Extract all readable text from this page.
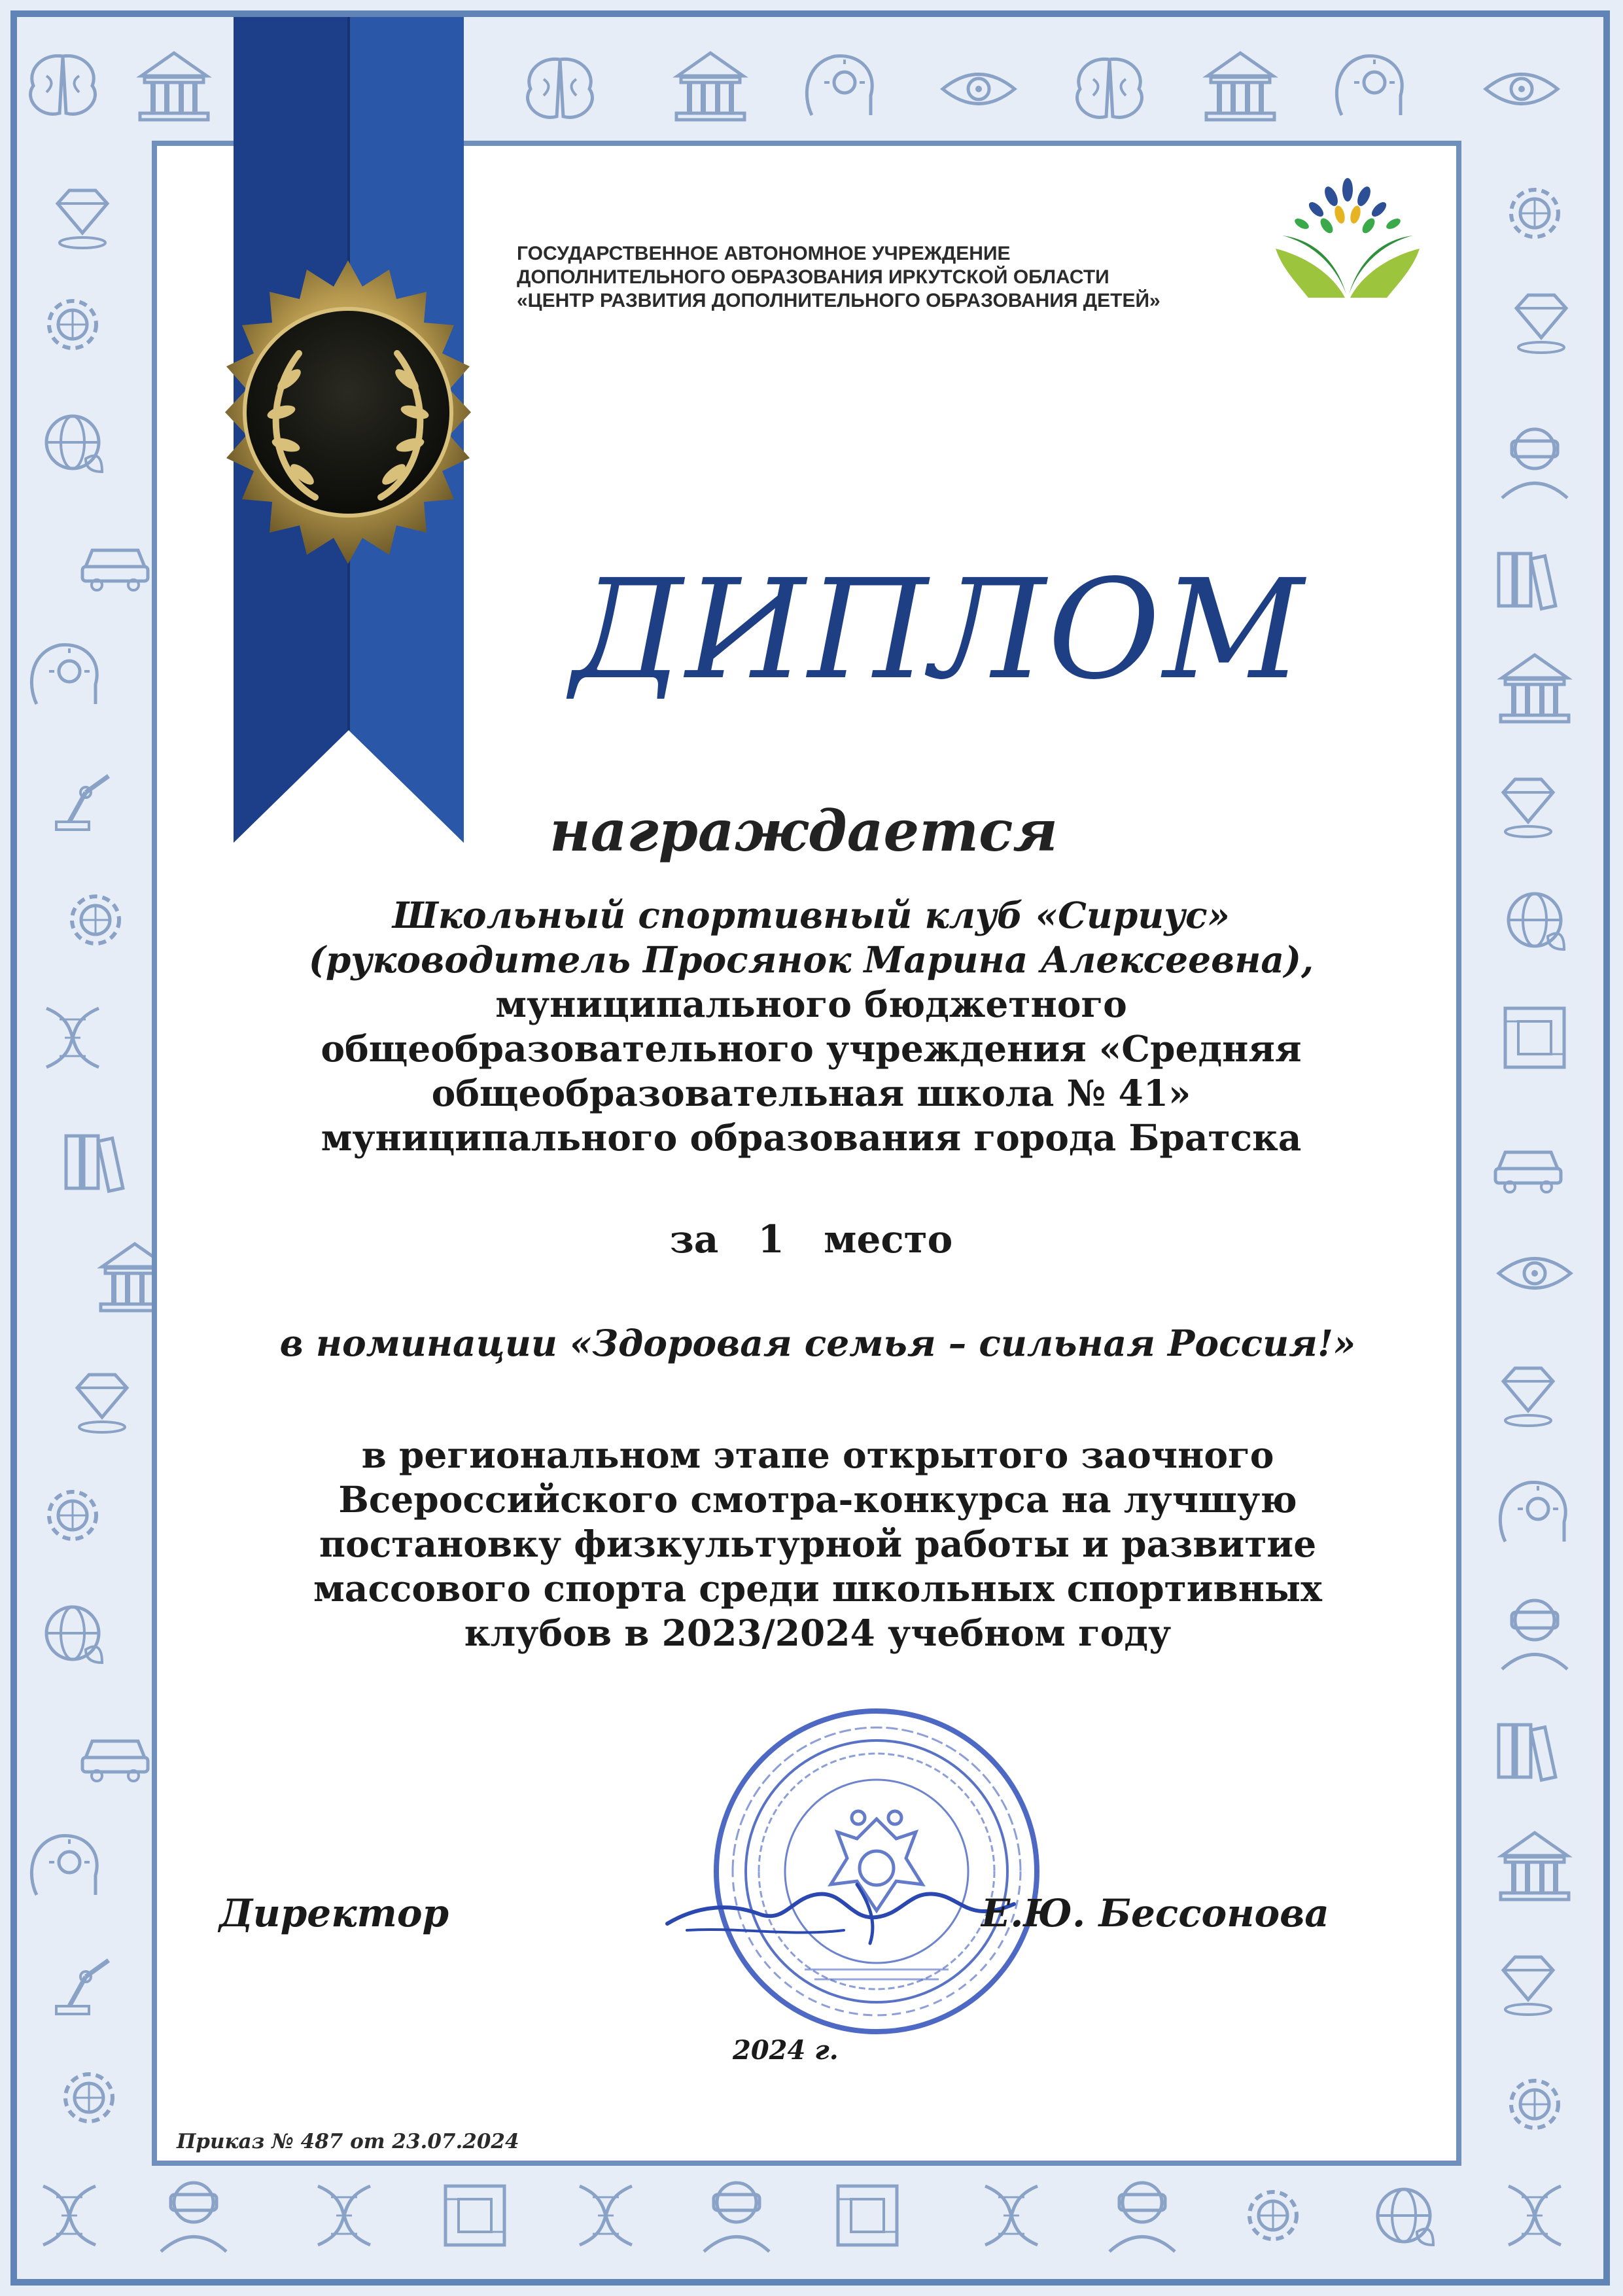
ГОСУДАРСТВЕННОЕ АВТОНОМНОЕ УЧРЕЖДЕНИЕ
ДОПОЛНИТЕЛЬНОГО ОБРАЗОВАНИЯ ИРКУТСКОЙ ОБЛАСТИ
«ЦЕНТР РАЗВИТИЯ ДОПОЛНИТЕЛЬНОГО ОБРАЗОВАНИЯ ДЕТЕЙ»
ДИПЛОМ
награждается
Школьный спортивный клуб «Сириус»
(руководитель Просянок Марина Алексеевна),
муниципального бюджетного
общеобразовательного учреждения «Средняя
общеобразовательная школа № 41»
муниципального образования города Братска
за 1 место
в номинации «Здоровая семья – сильная Россия!»
в региональном этапе открытого заочного
Всероссийского смотра-конкурса на лучшую
постановку физкультурной работы и развитие
массового спорта среди школьных спортивных
клубов в 2023/2024 учебном году
Директор	Е.Ю. Бессонова
2024 г.
Приказ № 487 от 23.07.2024
